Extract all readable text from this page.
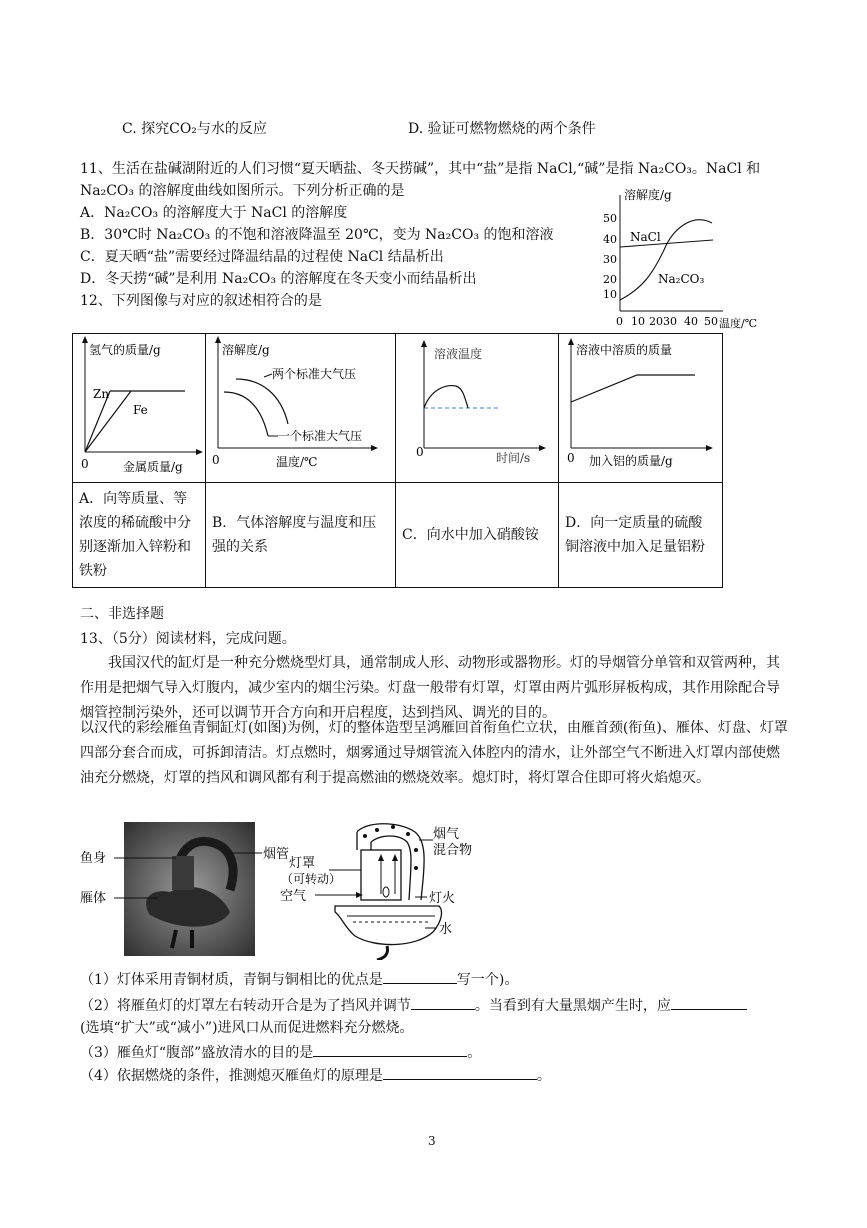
C. 探究CO₂与水的反应	D. 验证可燃物燃烧的两个条件
11、生活在盐碱湖附近的人们习惯“夏天晒盐、冬天捞碱”，其中“盐”是指 NaCl,“碱”是指 Na₂CO₃。NaCl 和
Na₂CO₃ 的溶解度曲线如图所示。下列分析正确的是
A．Na₂CO₃ 的溶解度大于 NaCl 的溶解度
B．30℃时 Na₂CO₃ 的不饱和溶液降温至 20℃，变为 Na₂CO₃ 的饱和溶液
C．夏天晒“盐”需要经过降温结晶的过程使 NaCl 结晶析出
D．冬天捞“碱”是利用 Na₂CO₃ 的溶解度在冬天变小而结晶析出
12、下列图像与对应的叙述相符合的是
溶解度/g
50
40
30
20
10
NaCl
Na₂CO₃
0 10 2030 40 50 温度/℃
氢气的质量/g
Zn
Fe
0 金属质量/g	溶解度/g
两个标准大气压
一个标准大气压
0 温度/℃	溶液温度
0 时间/s	溶液中溶质的质量
0 加入铝的质量/g

A．向等质量、等浓度的稀硫酸中分别逐渐加入锌粉和铁粉	B．气体溶解度与温度和压强的关系	C．向水中加入硝酸铵	D．向一定质量的硫酸铜溶液中加入足量铝粉
二、非选择题
13、（5分）阅读材料，完成问题。
我国汉代的缸灯是一种充分燃烧型灯具，通常制成人形、动物形或器物形。灯的导烟管分单管和双管两种，其作用是把烟气导入灯腹内，减少室内的烟尘污染。灯盘一般带有灯罩，灯罩由两片弧形屏板构成，其作用除配合导烟管控制污染外，还可以调节开合方向和开启程度，达到挡风、调光的目的。
以汉代的彩绘雁鱼青铜缸灯(如图)为例，灯的整体造型呈鸿雁回首衔鱼伫立状，由雁首颈(衔鱼)、雁体、灯盘、灯罩四部分套合而成，可拆卸清洁。灯点燃时，烟雾通过导烟管流入体腔内的清水，让外部空气不断进入灯罩内部使燃油充分燃烧，灯罩的挡风和调风都有利于提高燃油的燃烧效率。熄灯时，将灯罩合住即可将火焰熄灭。
鱼身
雁体
烟管
空气
灯罩
（可转动）
烟气
混合物
灯火
水
（1）灯体采用青铜材质，青铜与铜相比的优点是	写一个)。
（2）将雁鱼灯的灯罩左右转动开合是为了挡风并调节	。当看到有大量黑烟产生时，应
(选填“扩大”或“减小”)进风口从而促进燃料充分燃烧。
（3）雁鱼灯“腹部”盛放清水的目的是	。
（4）依据燃烧的条件，推测熄灭雁鱼灯的原理是	。
3
